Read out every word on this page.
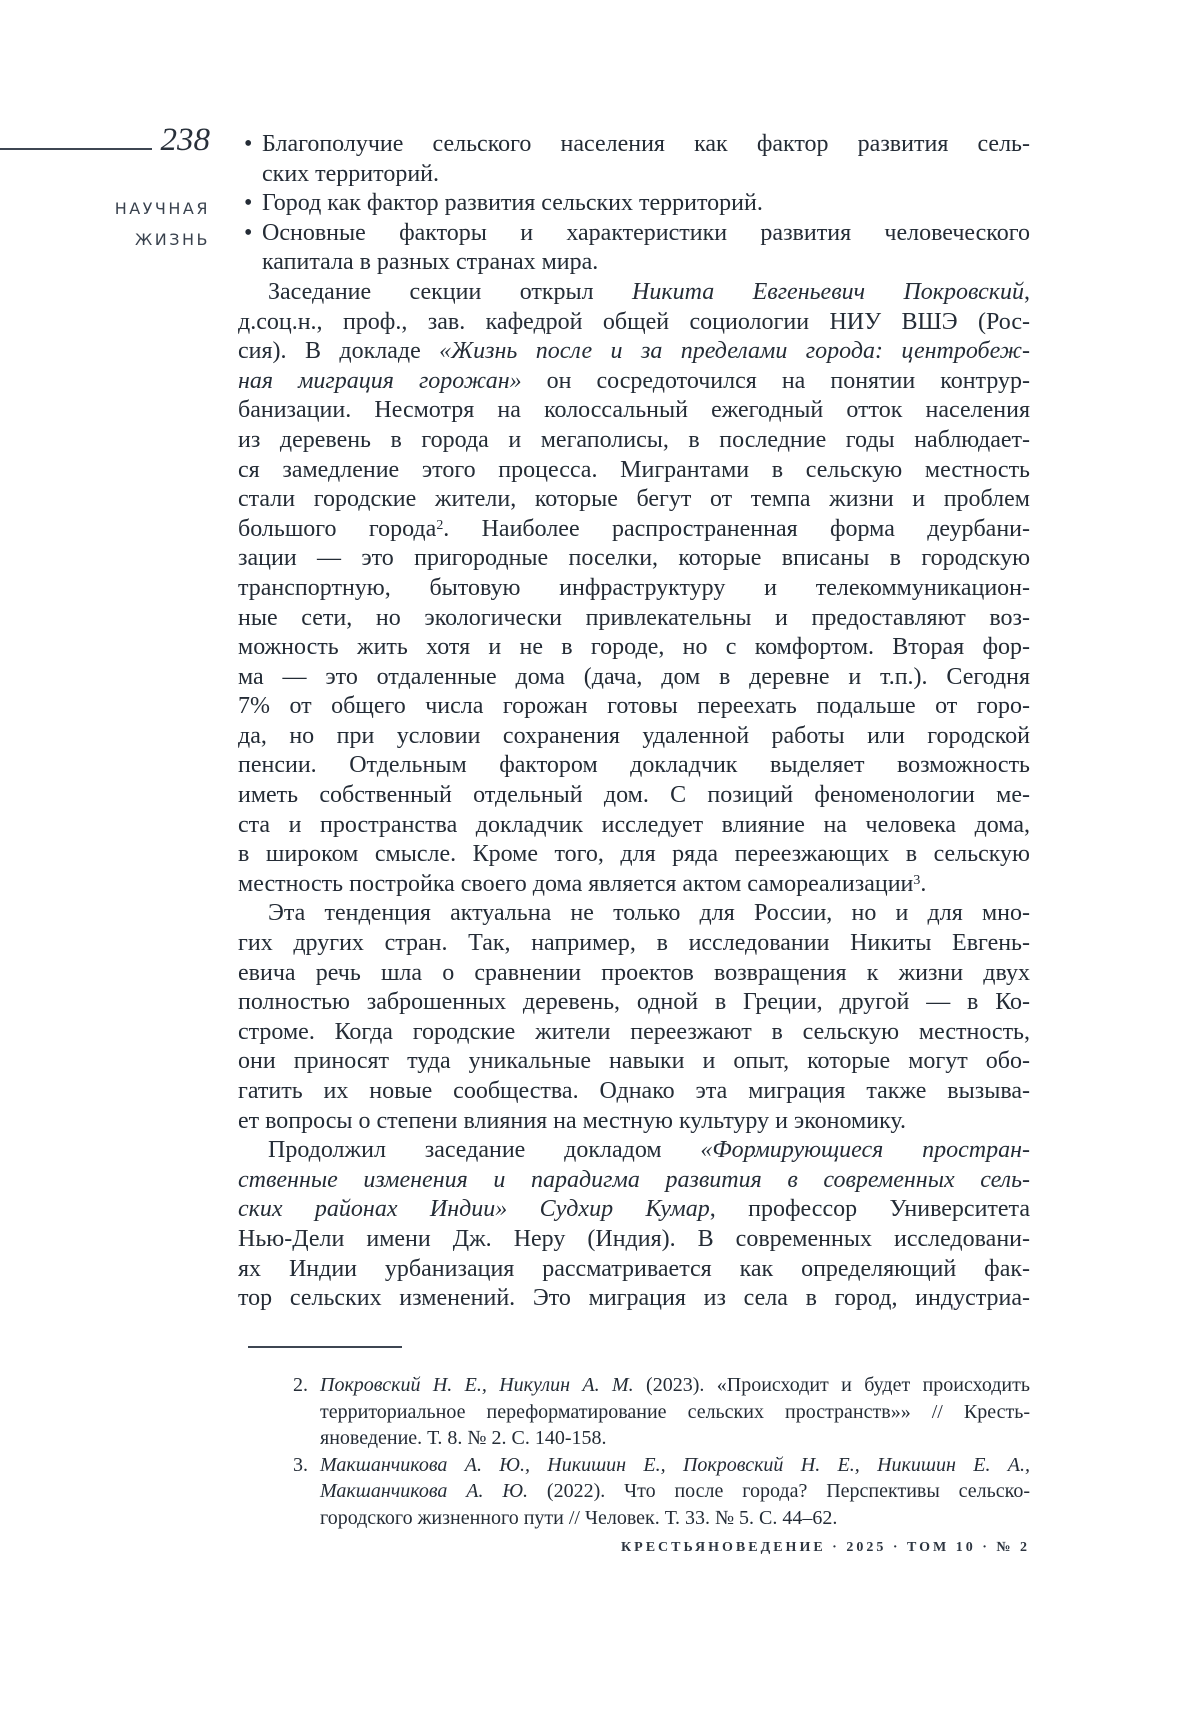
238
НАУЧНАЯ
ЖИЗНЬ
• Благополучие сельского населения как фактор развития сель-
ских территорий.
• Город как фактор развития сельских территорий.
• Основные факторы и характеристики развития человеческого
капитала в разных странах мира.
Заседание секции открыл Никита Евгеньевич Покровский,
д.соц.н., проф., зав. кафедрой общей социологии НИУ ВШЭ (Рос-
сия). В докладе «Жизнь после и за пределами города: центробеж-
ная миграция горожан» он сосредоточился на понятии контрур-
банизации. Несмотря на колоссальный ежегодный отток населения
из деревень в города и мегаполисы, в последние годы наблюдает-
ся замедление этого процесса. Мигрантами в сельскую местность
стали городские жители, которые бегут от темпа жизни и проблем
большого города$^2$. Наиболее распространенная форма деурбани-
зации — это пригородные поселки, которые вписаны в городскую
транспортную, бытовую инфраструктуру и телекоммуникацион-
ные сети, но экологически привлекательны и предоставляют воз-
можность жить хотя и не в городе, но с комфортом. Вторая фор-
ма — это отдаленные дома (дача, дом в деревне и т.п.). Сегодня
7% от общего числа горожан готовы переехать подальше от горо-
да, но при условии сохранения удаленной работы или городской
пенсии. Отдельным фактором докладчик выделяет возможность
иметь собственный отдельный дом. С позиций феноменологии ме-
ста и пространства докладчик исследует влияние на человека дома,
в широком смысле. Кроме того, для ряда переезжающих в сельскую
местность постройка своего дома является актом самореализации$^3$.
Эта тенденция актуальна не только для России, но и для мно-
гих других стран. Так, например, в исследовании Никиты Евгень-
евича речь шла о сравнении проектов возвращения к жизни двух
полностью заброшенных деревень, одной в Греции, другой — в Ко-
строме. Когда городские жители переезжают в сельскую местность,
они приносят туда уникальные навыки и опыт, которые могут обо-
гатить их новые сообщества. Однако эта миграция также вызыва-
ет вопросы о степени влияния на местную культуру и экономику.
Продолжил заседание докладом «Формирующиеся простран-
ственные изменения и парадигма развития в современных сель-
ских районах Индии» Судхир Кумар, профессор Университета
Нью-Дели имени Дж. Неру (Индия). В современных исследовани-
ях Индии урбанизация рассматривается как определяющий фак-
тор сельских изменений. Это миграция из села в город, индустриа-
2. Покровский Н. Е., Никулин А. М. (2023). «Происходит и будет происходить
территориальное переформатирование сельских пространств»» // Кресть-
яноведение. Т. 8. № 2. С. 140-158.
3. Макшанчикова А. Ю., Никишин Е., Покровский Н. Е., Никишин Е. А.,
Макшанчикова А. Ю. (2022). Что после города? Перспективы сельско-
городского жизненного пути // Человек. Т. 33. № 5. С. 44–62.
КРЕСТЬЯНОВЕДЕНИЕ · 2025 · ТОМ 10 · № 2
